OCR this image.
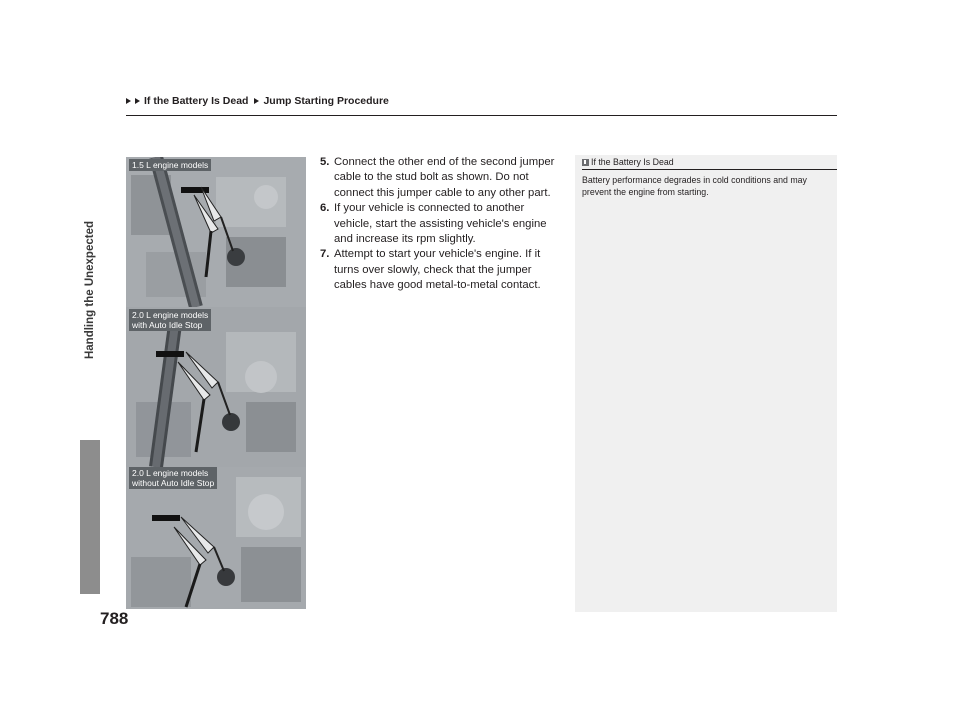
If the Battery Is Dead Jump Starting Procedure
Handling the Unexpected
788
1.5 L engine models
2.0 L engine models
with Auto Idle Stop
2.0 L engine models
without Auto Idle Stop
5. Connect the other end of the second jumper cable to the stud bolt as shown. Do not connect this jumper cable to any other part.
6. If your vehicle is connected to another vehicle, start the assisting vehicle's engine and increase its rpm slightly.
7. Attempt to start your vehicle's engine. If it turns over slowly, check that the jumper cables have good metal-to-metal contact.
If the Battery Is Dead
Battery performance degrades in cold conditions and may prevent the engine from starting.
